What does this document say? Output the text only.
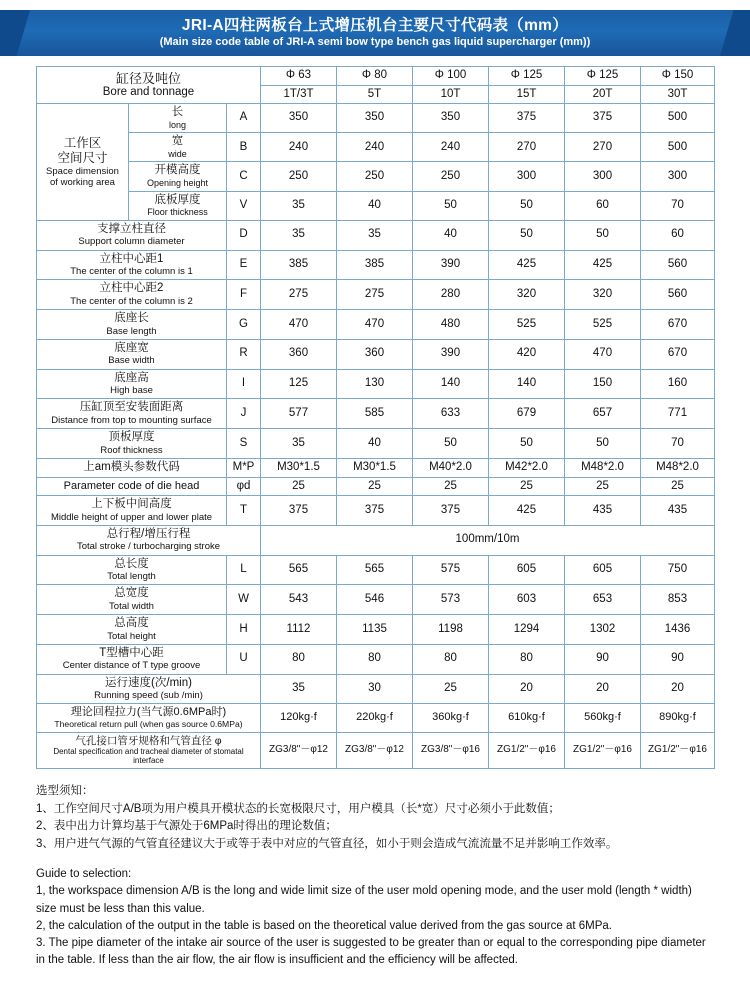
JRI-A四柱两板台上式增压机台主要尺寸代码表（mm）
(Main size code table of JRI-A semi bow type bench gas liquid supercharger (mm))
缸径及吨位
Bore and tonnage			Φ 63	Φ 80	Φ 100	Φ 125	Φ 125	Φ 150
			1T/3T	5T	10T	15T	20T	30T

工作区
空间尺寸
Space dimension
of working area	长
long	A	350	350	350	375	375	500

	宽
wide	B	240	240	240	270	270	500

	开模高度
Opening height	C	250	250	250	300	300	300

	底板厚度
Floor thickness	V	35	40	50	50	60	70

支撑立柱直径
Support column diameter		D	35	35	40	50	50	60

立柱中心距1
The center of the column is 1		E	385	385	390	425	425	560

立柱中心距2
The center of the column is 2		F	275	275	280	320	320	560

底座长
Base length		G	470	470	480	525	525	670

底座宽
Base width		R	360	360	390	420	470	670

底座高
High base		I	125	130	140	140	150	160

压缸顶至安装面距离
Distance from top to mounting surface		J	577	585	633	679	657	771

顶板厚度
Roof thickness		S	35	40	50	50	50	70

上am模头参数代码		M*P	M30*1.5	M30*1.5	M40*2.0	M42*2.0	M48*2.0	M48*2.0

Parameter code of die head		φd	25	25	25	25	25	25

上下板中间高度
Middle height of upper and lower plate		T	375	375	375	425	435	435

总行程/增压行程
Total stroke / turbocharging stroke			100mm/10m					

总长度
Total length		L	565	565	575	605	605	750

总宽度
Total width		W	543	546	573	603	653	853

总高度
Total height		H	1112	1135	1198	1294	1302	1436

T型槽中心距
Center distance of T type groove		U	80	80	80	80	90	90

运行速度(次/min)
Running speed (sub /min)			35	30	25	20	20	20

理论回程拉力(当气源0.6MPa时)
Theoretical return pull (when gas source 0.6MPa)			120kg·f	220kg·f	360kg·f	610kg·f	560kg·f	890kg·f

气孔接口管牙规格和气管直径 φ
Dental specification and tracheal diameter of stomatal interface			ZG3/8"－φ12	ZG3/8"－φ12	ZG3/8"－φ16	ZG1/2"－φ16	ZG1/2"－φ16	ZG1/2"－φ16
选型须知：
1、工作空间尺寸A/B项为用户模具开模状态的长宽极限尺寸，用户模具（长*宽）尺寸必须小于此数值；
2、表中出力计算均基于气源处于6MPa时得出的理论数值；
3、用户进气气源的气管直径建议大于或等于表中对应的气管直径，如小于则会造成气流流量不足并影响工作效率。

Guide to selection:

1, the workspace dimension A/B is the long and wide limit size of the user mold opening mode, and the user mold (length * width) size must be less than this value.

2, the calculation of the output in the table is based on the theoretical value derived from the gas source at 6MPa.

3. The pipe diameter of the intake air source of the user is suggested to be greater than or equal to the corresponding pipe diameter in the table. If less than the air flow, the air flow is insufficient and the efficiency will be affected.
